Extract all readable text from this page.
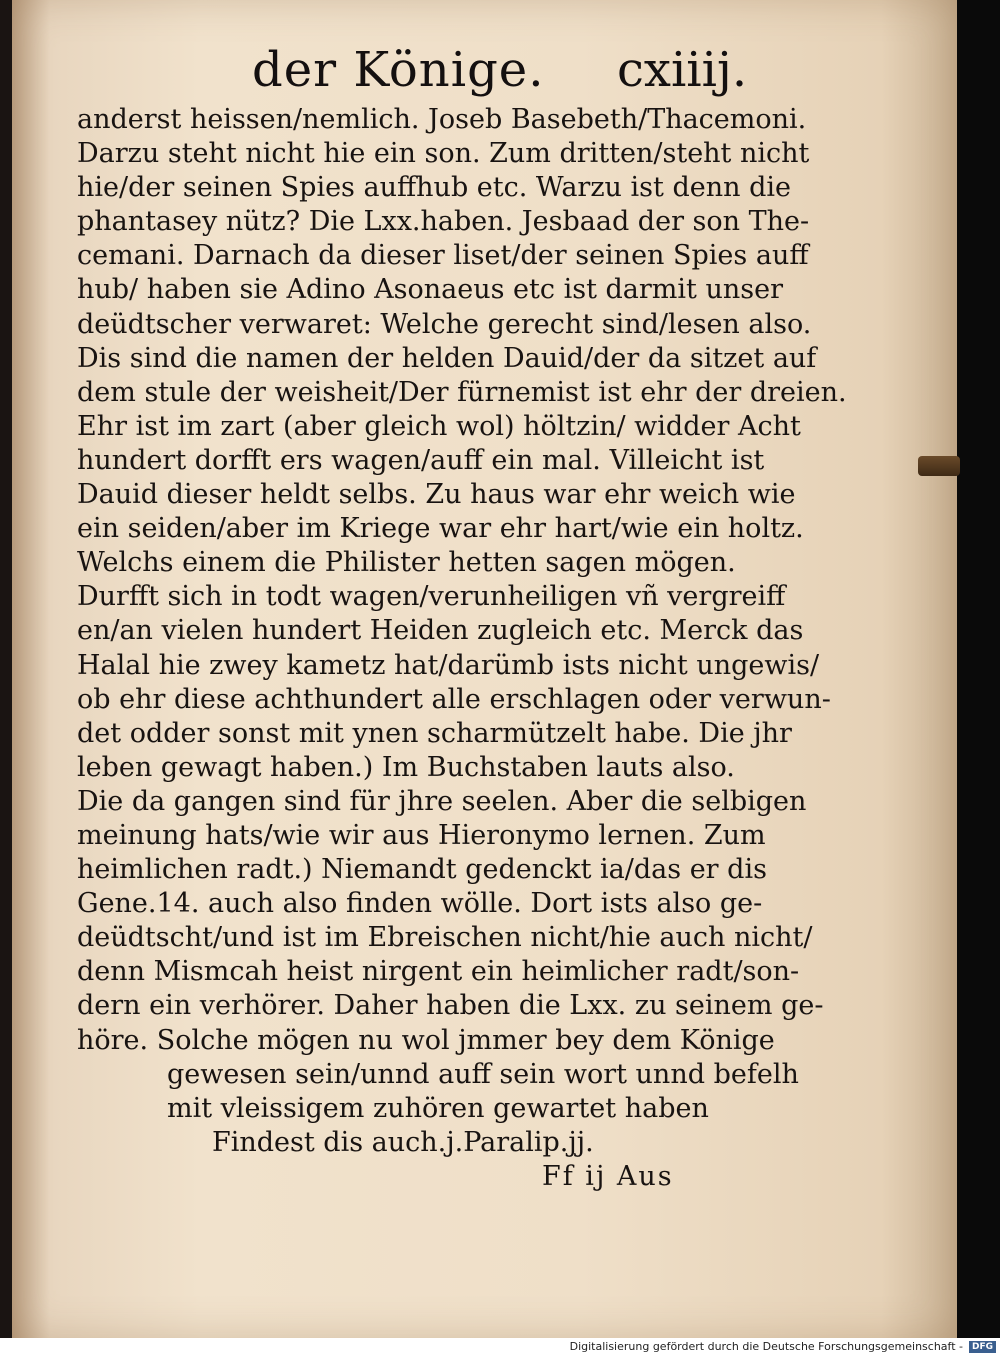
der Könige. cxiiij.
anderst heissen/nemlich. Joseb Basebeth/Thacemoni.
Darzu steht nicht hie ein son. Zum dritten/steht nicht
hie/der seinen Spies auffhub etc. Warzu ist denn die
phantasey nütz? Die Lxx.haben. Jesbaad der son The-
cemani. Darnach da dieser liset/der seinen Spies auff
hub/ haben sie Adino Asonaeus etc ist darmit unser
deüdtscher verwaret: Welche gerecht sind/lesen also.
Dis sind die namen der helden Dauid/der da sitzet auf
dem stule der weisheit/Der fürnemist ist ehr der dreien.
Ehr ist im zart (aber gleich wol) höltzin/ widder Acht
hundert dorfft ers wagen/auff ein mal. Villeicht ist
Dauid dieser heldt selbs. Zu haus war ehr weich wie
ein seiden/aber im Kriege war ehr hart/wie ein holtz.
Welchs einem die Philister hetten sagen mögen.
Durfft sich in todt wagen/verunheiligen vñ vergreiff
en/an vielen hundert Heiden zugleich etc. Merck das
Halal hie zwey kametz hat/darümb ists nicht ungewis/
ob ehr diese achthundert alle erschlagen oder verwun-
det odder sonst mit ynen scharmützelt habe. Die jhr
leben gewagt haben.) Im Buchstaben lauts also.
Die da gangen sind für jhre seelen. Aber die selbigen
meinung hats/wie wir aus Hieronymo lernen. Zum
heimlichen radt.) Niemandt gedenckt ia/das er dis
Gene.14. auch also finden wölle. Dort ists also ge-
deüdtscht/und ist im Ebreischen nicht/hie auch nicht/
denn Mismcah heist nirgent ein heimlicher radt/son-
dern ein verhörer. Daher haben die Lxx. zu seinem ge-
höre. Solche mögen nu wol jmmer bey dem Könige
gewesen sein/unnd auff sein wort unnd befelh
mit vleissigem zuhören gewartet haben
Findest dis auch.j.Paralip.jj.
Ff ij Aus
Digitalisierung gefördert durch die Deutsche Forschungsgemeinschaft -	DFG
